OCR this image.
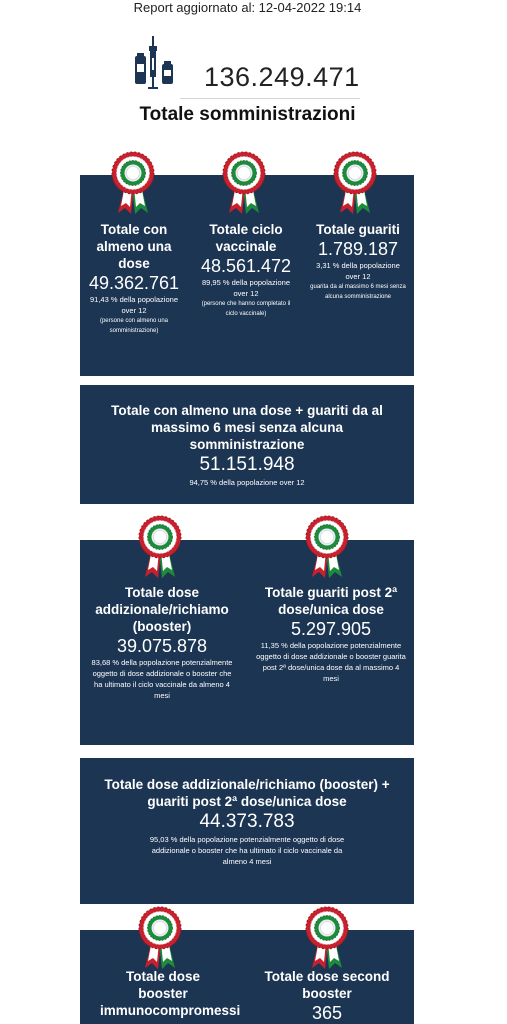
Report aggiornato al: 12-04-2022 19:14
136.249.471
Totale somministrazioni
Totale con almeno una dose
49.362.761
91,43 % della popolazione over 12
(persone con almeno una somministrazione)
Totale ciclo vaccinale
48.561.472
89,95 % della popolazione over 12
(persone che hanno completato il ciclo vaccinale)
Totale guariti
1.789.187
3,31 % della popolazione over 12
guarita da al massimo 6 mesi senza alcuna somministrazione
Totale con almeno una dose + guariti da al massimo 6 mesi senza alcuna somministrazione
51.151.948
94,75 % della popolazione over 12
Totale dose addizionale/richiamo (booster)
39.075.878
83,68 % della popolazione potenzialmente oggetto di dose addizionale o booster che ha ultimato il ciclo vaccinale da almeno 4 mesi
Totale guariti post 2ª dose/unica dose
5.297.905
11,35 % della popolazione potenzialmente oggetto di dose addizionale o booster guarita post 2ª dose/unica dose da al massimo 4 mesi
Totale dose addizionale/richiamo (booster) + guariti post 2ª dose/unica dose
44.373.783
95,03 % della popolazione potenzialmente oggetto di dose addizionale o booster che ha ultimato il ciclo vaccinale da almeno 4 mesi
Totale dose booster immunocompromessi
Totale dose second booster
365
